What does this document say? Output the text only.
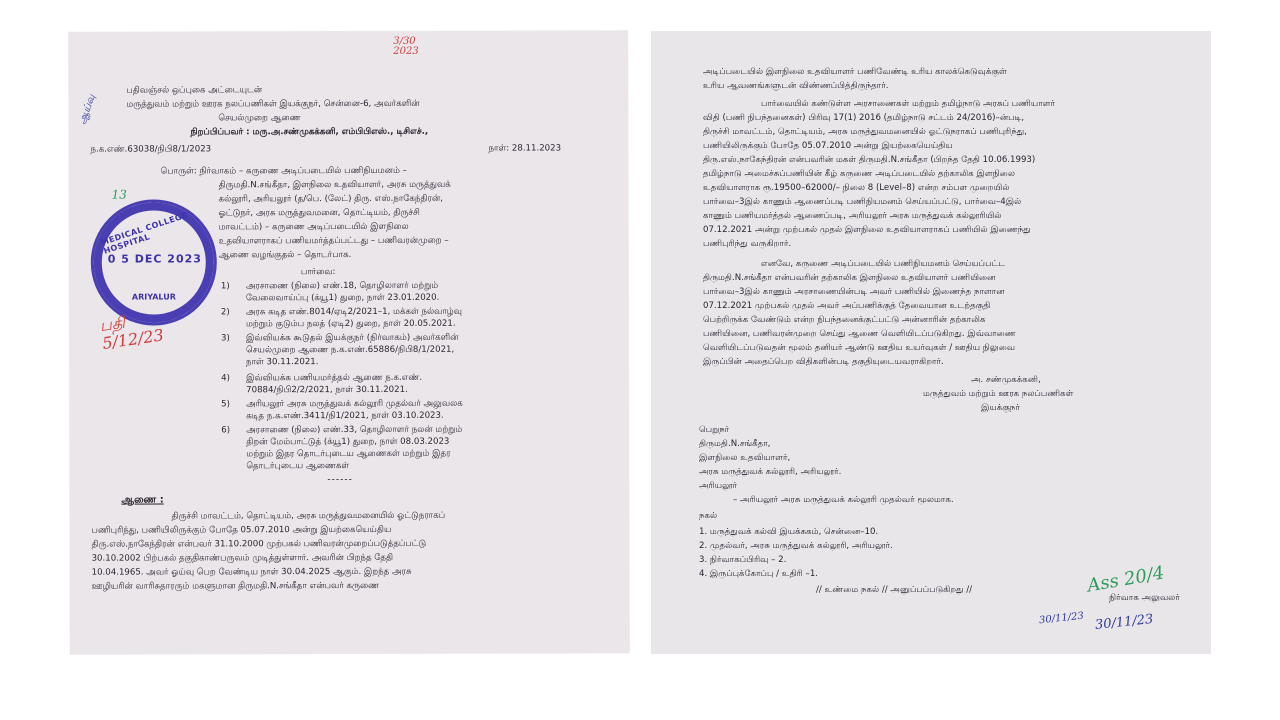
3/30 2023
பதிவஞ்சல் ஒப்புகை அட்டையுடன்
மருத்துவம் மற்றும் ஊரக நலப்பணிகள் இயக்குநர், சென்னை-6, அவர்களின்
செயல்முறை ஆணை
நிறப்பிப்பவர் : மரு.அ.சண்முகக்கனி, எம்பிபிஎஸ்., டிசிஎச்.,
ஆய்வு
ந.க.எண்.63038/நிபி8/1/2023	நாள்: 28.11.2023
பொருள்: நிர்வாகம் – கருணை அடிப்படையில் பணிநியமனம் –
திருமதி.N.சங்கீதா, இளநிலை உதவியாளர், அரசு மருத்துவக்
கல்லூரி, அரியலூர் (த/பெ. (லேட்) திரு. எஸ்.நாகேந்திரன்,
ஓட்டுநர், அரசு மருத்துவமனை, தொட்டியம், திருச்சி
மாவட்டம்) – கருணை அடிப்படையில் இளநிலை
உதவியாளராகப் பணியமர்த்தப்பட்டது – பணிவரன்முறை –
ஆணை வழங்குதல் – தொடர்பாக.
13
MEDICAL COLLEGE HOSPITAL
0 5 DEC 2023
ARIYALUR
பார்வை:
1) அரசாணை (நிலை) எண்.18, தொழிலாளர் மற்றும்
வேலைவாய்ப்பு (க்யூ1) துறை, நாள் 23.01.2020.
2) அரசு கடித எண்.8014/ஏடி2/2021–1, மக்கள் நல்வாழ்வு
மற்றும் குடும்ப நலத் (ஏடி2) துறை, நாள் 20.05.2021.
3) இவ்வியக்க கூடுதல் இயக்குநர் (நிர்வாகம்) அவர்களின்
செயல்முறை ஆணை ந.க.எண்.65886/நிபி8/1/2021,
நாள் 30.11.2021.
4) இவ்வியக்க பணியமர்த்தல் ஆணை ந.க.எண்.
70884/நிபி2/2/2021, நாள் 30.11.2021.
5) அரியலூர் அரசு மருத்துவக் கல்லூரி முதல்வர் அலுவலக
கடித ந.க.எண்.3411/நி1/2021, நாள் 03.10.2023.
6) அரசாணை (நிலை) எண்.33, தொழிலாளர் நலன் மற்றும்
திறன் மேம்பாட்டுத் (க்யூ1) துறை, நாள் 08.03.2023
மற்றும் இதர தொடர்புடைய ஆணைகள் மற்றும் இதர
தொடர்புடைய ஆணைகள்
------
பதி 5/12/23
ஆணை :
திருச்சி மாவட்டம், தொட்டியம், அரசு மருத்துவமனையில் ஓட்டுநராகப்
பணிபுரிந்து, பணியிலிருக்கும் போதே 05.07.2010 அன்று இயற்கையெய்திய
திரு.எஸ்.நாகேந்திரன் என்பவர் 31.10.2000 முற்பகல் பணிவரன்முறைப்படுத்தப்பட்டு
30.10.2002 பிற்பகல் தகுதிகாண்பருவம் முடித்துள்ளார். அவரின் பிறந்த தேதி
10.04.1965. அவர் ஓய்வு பெற வேண்டிய நாள் 30.04.2025 ஆகும். இறந்த அரசு
ஊழியரின் வாரிசுதாரரும் மகளுமான திருமதி.N.சங்கீதா என்பவர் கருணை
அடிப்படையில் இளநிலை உதவியாளர் பணிவேண்டி உரிய காலக்கெடுவுக்குள்
உரிய ஆவணங்களுடன் விண்ணப்பித்திருந்தார்.
பார்வையில் கண்டுள்ள அரசாணைகள் மற்றும் தமிழ்நாடு அரசுப் பணியாளர்
விதி (பணி நிபந்தனைகள்) பிரிவு 17(1) 2016 (தமிழ்நாடு சட்டம் 24/2016)–ன்படி,
திருச்சி மாவட்டம், தொட்டியம், அரசு மருத்துவமனையில் ஓட்டுநராகப் பணிபுரிந்து,
பணியிலிருக்கும் போதே 05.07.2010 அன்று இயற்கையெய்திய
திரு.எஸ்.நாகேந்திரன் என்பவரின் மகள் திருமதி.N.சங்கீதா (பிறந்த தேதி 10.06.1993)
தமிழ்நாடு அமைச்சுப்பணியின் கீழ் கருணை அடிப்படையில் தற்காலிக இளநிலை
உதவியாளராக ரூ.19500–62000/– நிலை 8 (Level–8) என்ற சம்பள முறையில்
பார்வை–3இல் காணும் ஆணைப்படி பணிநியமனம் செய்யப்பட்டு, பார்வை–4இல்
காணும் பணியமர்த்தல் ஆணைப்படி, அரியலூர் அரசு மருத்துவக் கல்லூரியில்
07.12.2021 அன்று முற்பகல் முதல் இளநிலை உதவியாளராகப் பணியில் இணைந்து
பணிபுரிந்து வருகிறார்.
எனவே, கருணை அடிப்படையில் பணிநியமனம் செய்யப்பட்ட
திருமதி.N.சங்கீதா என்பவரின் தற்காலிக இளநிலை உதவியாளர் பணியினை
பார்வை–3இல் காணும் அரசாணையின்படி அவர் பணியில் இணைந்த நாளான
07.12.2021 முற்பகல் முதல் அவர் அப்பணிக்குத் தேவையான உடற்தகுதி
பெற்றிருக்க வேண்டும் என்ற நிபந்தனைக்குட்பட்டு அன்னாரின் தற்காலிக
பணியினை, பணிவரன்முறை செய்து ஆணை வெளியிடப்படுகிறது. இவ்வாணை
வெளியிடப்படுவதன் மூலம் தனியர் ஆண்டு ஊதிய உயர்வுகள் / ஊதிய நிலுவை
இருப்பின் அதைப்பெற விதிகளின்படி தகுதியுடையவராகிறார்.
அ. சண்முகக்கனி,
மருத்துவம் மற்றும் ஊரக நலப்பணிகள்
இயக்குநர்
பெறுநர்
திருமதி.N.சங்கீதா,
இளநிலை உதவியாளர்,
அரசு மருத்துவக் கல்லூரி, அரியலூர்.
அரியலூர்
– அரியலூர் அரசு மருத்துவக் கல்லூரி முதல்வர் மூலமாக.
நகல்
1. மருத்துவக் கல்வி இயக்ககம், சென்னை–10.
2. முதல்வர், அரசு மருத்துவக் கல்லூரி, அரியலூர்.
3. நிர்வாகப்பிரிவு – 2.
4. இருப்புக்கோப்பு / உதிரி –1.
// உண்மை நகல் // அனுப்பப்படுகிறது //	Ass 20/4
நிர்வாக அலுவலர்
30/11/23 30/11/23
